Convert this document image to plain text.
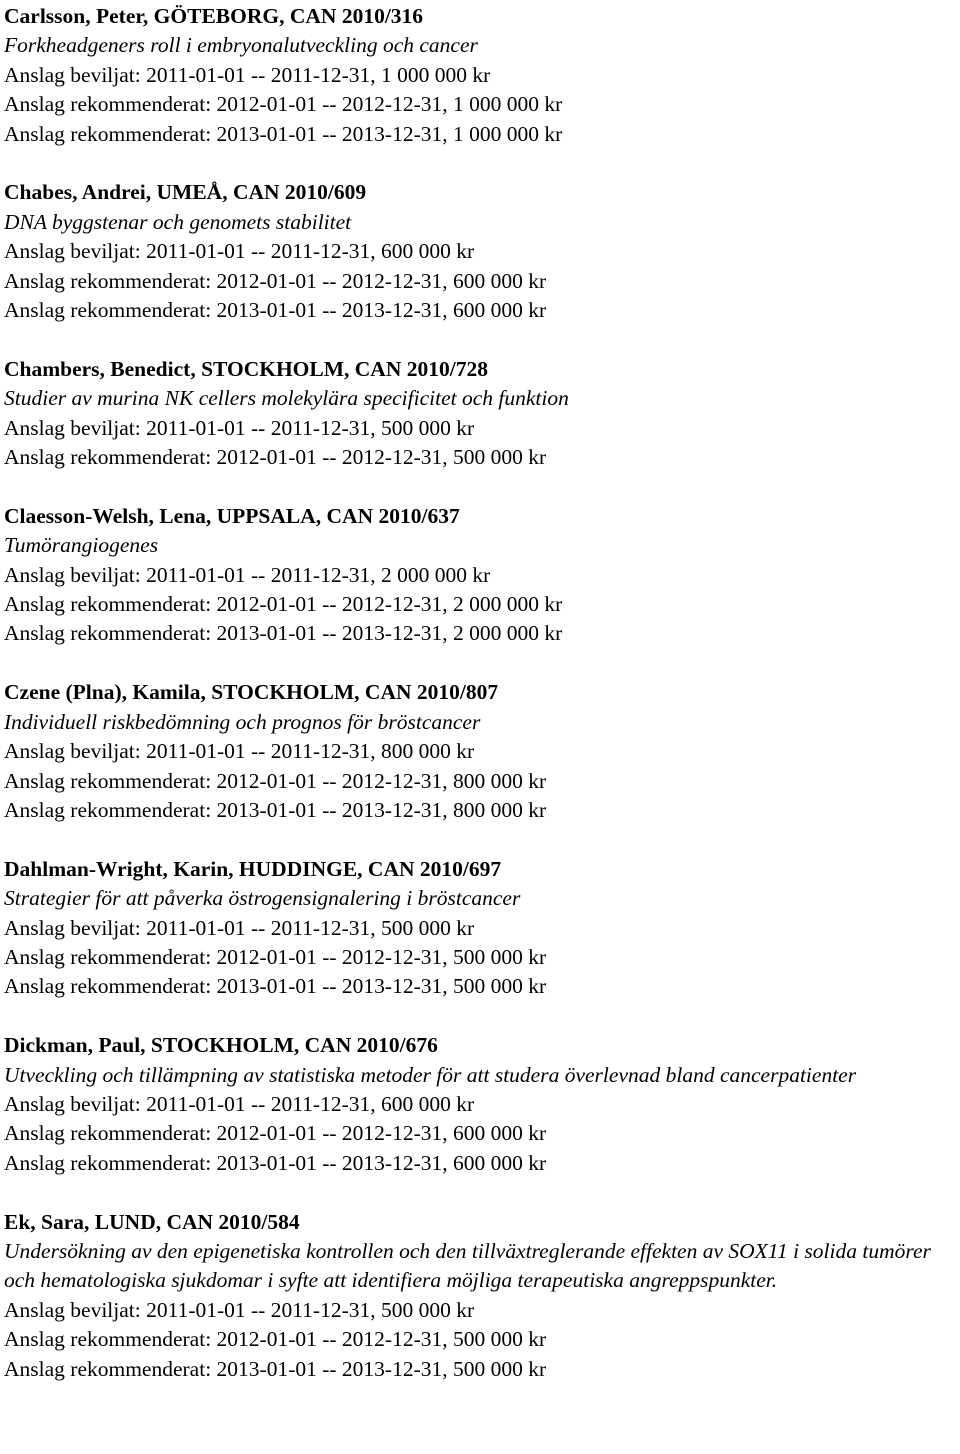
Carlsson, Peter, GÖTEBORG, CAN 2010/316
Forkheadgeners roll i embryonalutveckling och cancer
Anslag beviljat: 2011-01-01 -- 2011-12-31, 1 000 000 kr
Anslag rekommenderat: 2012-01-01 -- 2012-12-31, 1 000 000 kr
Anslag rekommenderat: 2013-01-01 -- 2013-12-31, 1 000 000 kr
Chabes, Andrei, UMEÅ, CAN 2010/609
DNA byggstenar och genomets stabilitet
Anslag beviljat: 2011-01-01 -- 2011-12-31, 600 000 kr
Anslag rekommenderat: 2012-01-01 -- 2012-12-31, 600 000 kr
Anslag rekommenderat: 2013-01-01 -- 2013-12-31, 600 000 kr
Chambers, Benedict, STOCKHOLM, CAN 2010/728
Studier av murina NK cellers molekylära specificitet och funktion
Anslag beviljat: 2011-01-01 -- 2011-12-31, 500 000 kr
Anslag rekommenderat: 2012-01-01 -- 2012-12-31, 500 000 kr
Claesson-Welsh, Lena, UPPSALA, CAN 2010/637
Tumörangiogenes
Anslag beviljat: 2011-01-01 -- 2011-12-31, 2 000 000 kr
Anslag rekommenderat: 2012-01-01 -- 2012-12-31, 2 000 000 kr
Anslag rekommenderat: 2013-01-01 -- 2013-12-31, 2 000 000 kr
Czene (Plna), Kamila, STOCKHOLM, CAN 2010/807
Individuell riskbedömning och prognos för bröstcancer
Anslag beviljat: 2011-01-01 -- 2011-12-31, 800 000 kr
Anslag rekommenderat: 2012-01-01 -- 2012-12-31, 800 000 kr
Anslag rekommenderat: 2013-01-01 -- 2013-12-31, 800 000 kr
Dahlman-Wright, Karin, HUDDINGE, CAN 2010/697
Strategier för att påverka östrogensignalering i bröstcancer
Anslag beviljat: 2011-01-01 -- 2011-12-31, 500 000 kr
Anslag rekommenderat: 2012-01-01 -- 2012-12-31, 500 000 kr
Anslag rekommenderat: 2013-01-01 -- 2013-12-31, 500 000 kr
Dickman, Paul, STOCKHOLM, CAN 2010/676
Utveckling och tillämpning av statistiska metoder för att studera överlevnad bland cancerpatienter
Anslag beviljat: 2011-01-01 -- 2011-12-31, 600 000 kr
Anslag rekommenderat: 2012-01-01 -- 2012-12-31, 600 000 kr
Anslag rekommenderat: 2013-01-01 -- 2013-12-31, 600 000 kr
Ek, Sara, LUND, CAN 2010/584
Undersökning av den epigenetiska kontrollen och den tillväxtreglerande effekten av SOX11 i solida tumörer och hematologiska sjukdomar i syfte att identifiera möjliga terapeutiska angreppspunkter.
Anslag beviljat: 2011-01-01 -- 2011-12-31, 500 000 kr
Anslag rekommenderat: 2012-01-01 -- 2012-12-31, 500 000 kr
Anslag rekommenderat: 2013-01-01 -- 2013-12-31, 500 000 kr
